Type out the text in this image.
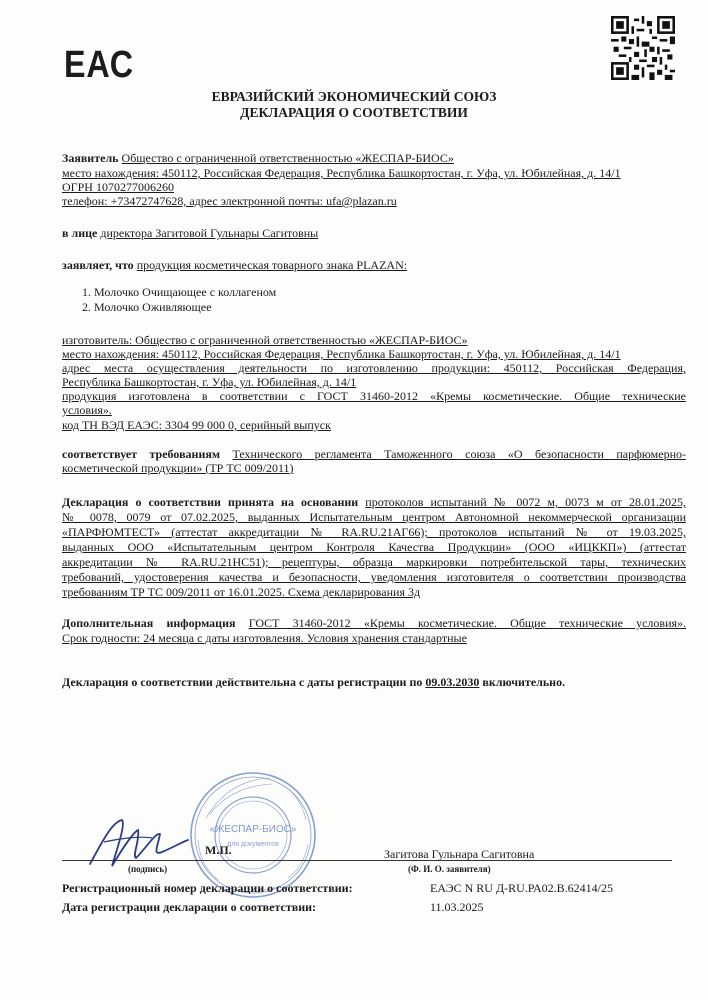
ЕАС
ЕВРАЗИЙСКИЙ ЭКОНОМИЧЕСКИЙ СОЮЗ
ДЕКЛАРАЦИЯ О СООТВЕТСТВИИ
Заявитель Общество с ограниченной ответственностью «ЖЕСПАР-БИОС»
место нахождения: 450112, Российская Федерация, Республика Башкортостан, г. Уфа, ул. Юбилейная, д. 14/1
ОГРН 1070277006260
телефон: +73472747628, адрес электронной почты: ufa@plazan.ru
в лице директора Загитовой Гульнары Сагитовны
заявляет, что продукция косметическая товарного знака PLAZAN:
1. Молочко Очищающее с коллагеном
2. Молочко Оживляющее
изготовитель: Общество с ограниченной ответственностью «ЖЕСПАР-БИОС»
место нахождения: 450112, Российская Федерация, Республика Башкортостан, г. Уфа, ул. Юбилейная, д. 14/1
адрес места осуществления деятельности по изготовлению продукции: 450112, Российская Федерация,
Республика Башкортостан, г. Уфа, ул. Юбилейная, д. 14/1
продукция изготовлена в соответствии с ГОСТ 31460-2012 «Кремы косметические. Общие технические
условия».
код ТН ВЭД ЕАЭС: 3304 99 000 0, серийный выпуск
соответствует требованиям Технического регламента Таможенного союза «О безопасности парфюмерно-
косметической продукции» (ТР ТС 009/2011)
Декларация о соответствии принята на основании протоколов испытаний № 0072 м, 0073 м от 28.01.2025,
№ 0078, 0079 от 07.02.2025, выданных Испытательным центром Автономной некоммерческой организации
«ПАРФЮМТЕСТ» (аттестат аккредитации № RA.RU.21АГ66); протоколов испытаний № от 19.03.2025,
выданных ООО «Испытательным центром Контроля Качества Продукции» (ООО «ИЦККП») (аттестат
аккредитации № RA.RU.21НС51); рецептуры, образца маркировки потребительской тары, технических
требований, удостоверения качества и безопасности, уведомления изготовителя о соответствии производства
требованиям ТР ТС 009/2011 от 16.01.2025. Схема декларирования 3д
Дополнительная информация ГОСТ 31460-2012 «Кремы косметические. Общие технические условия».
Срок годности: 24 месяца с даты изготовления. Условия хранения стандартные
Декларация о соответствии действительна с даты регистрации по 09.03.2030 включительно.
«ЖЕСПАР-БИОС»
для документов
М.П.
(подпись)
Загитова Гульнара Сагитовна
(Ф. И. О. заявителя)
Регистрационный номер декларации о соответствии:	ЕАЭС N RU Д-RU.РА02.В.62414/25
Дата регистрации декларации о соответствии:	11.03.2025
